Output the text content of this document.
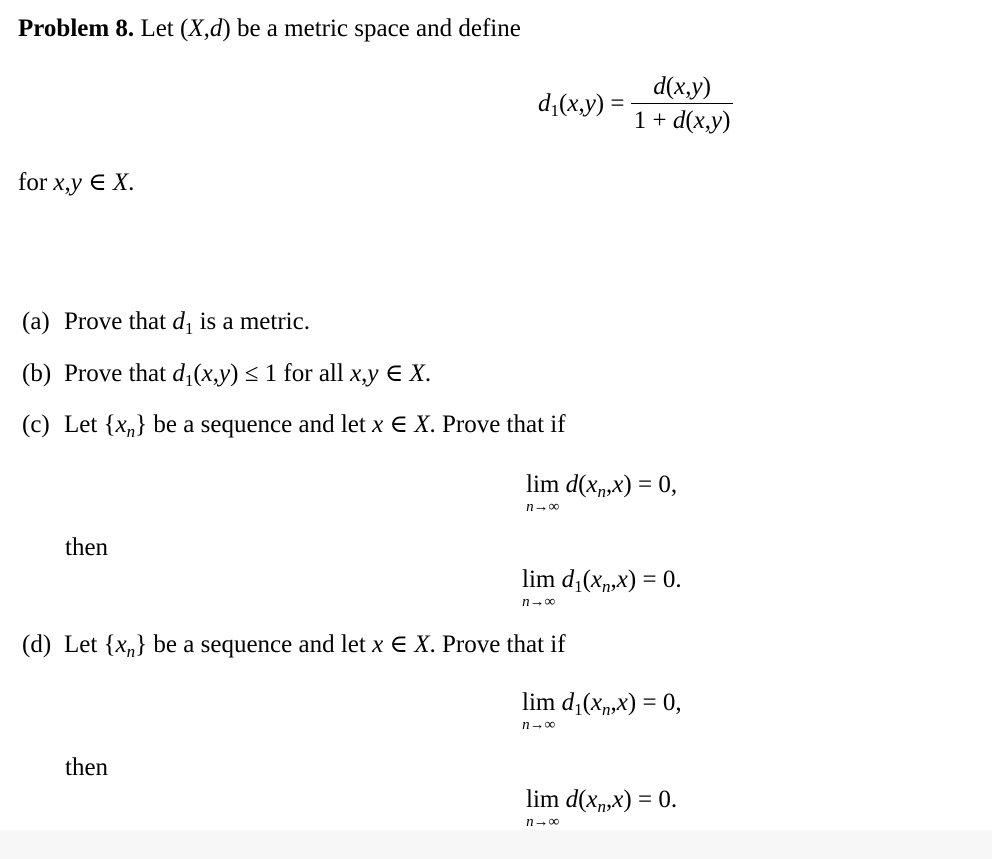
Problem 8. Let (X,d) be a metric space and define
$d_1(x,y) = \frac{d(x,y)}{1 + d(x,y)}$
for x,y ∈ X.
(a) Prove that $d_1$ is a metric.
(b) Prove that $d_1(x,y) \le 1$ for all x,y ∈ X.
(c) Let $\{x_n\}$ be a sequence and let x ∈ X. Prove that if
lim
n→∞
$d(x_n,x) = 0$,
then
lim
n→∞
$d_1(x_n,x) = 0$.
(d) Let $\{x_n\}$ be a sequence and let x ∈ X. Prove that if
lim
n→∞
$d_1(x_n,x) = 0$,
then
lim
n→∞
$d(x_n,x) = 0$.
